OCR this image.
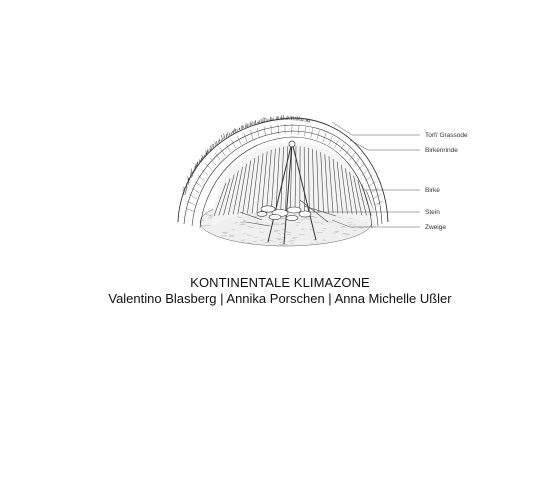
Torf/ Grassode
Birkenrinde
Birke
Stein
Zweige
KONTINENTALE KLIMAZONE
Valentino Blasberg | Annika Porschen | Anna Michelle Ußler
